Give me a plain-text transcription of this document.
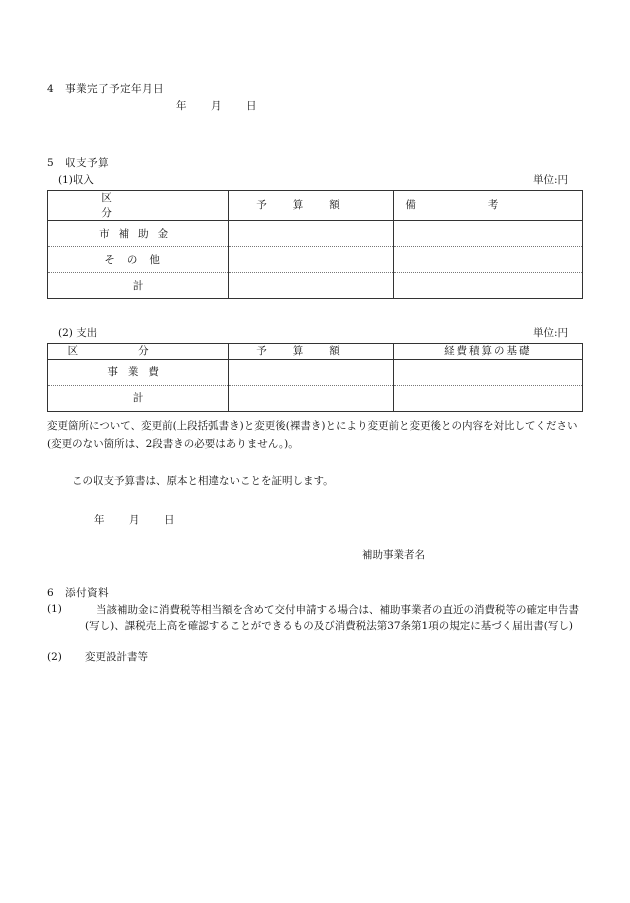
4　事業完了予定年月日
年 月 日
5　収支予算
(1)収入	単位:円
区分	予算額	備考
市補助金		
その他		
計		
(2) 支出	単位:円
区分	予算額	経費積算の基礎
事業費		
計		
変更箇所について、変更前(上段括弧書き)と変更後(裸書き)とにより変更前と変更後との内容を対比してください(変更のない箇所は、2段書きの必要はありません。)。
この収支予算書は、原本と相違ないことを証明します。
年 月 日
補助事業者名
6　添付資料
(1)	当該補助金に消費税等相当額を含めて交付申請する場合は、補助事業者の直近の消費税等の確定申告書(写し)、課税売上高を確認することができるもの及び消費税法第37条第1項の規定に基づく届出書(写し)
(2) 変更設計書等
